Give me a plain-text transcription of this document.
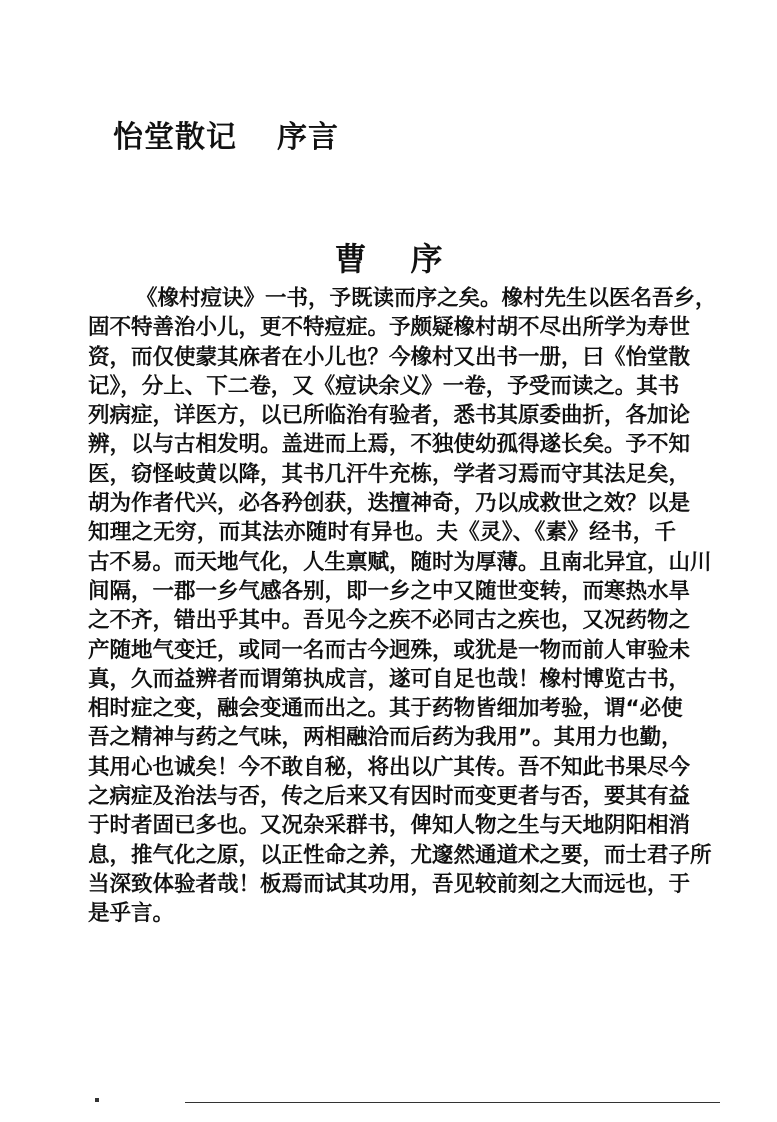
怡堂散记 序言
曹序
《橡村痘诀》一书，予既读而序之矣。橡村先生以医名吾乡，
固不特善治小儿，更不特痘症。予颇疑橡村胡不尽出所学为寿世
资，而仅使蒙其庥者在小儿也？今橡村又出书一册，曰《怡堂散
记》，分上、下二卷，又《痘诀余义》一卷，予受而读之。其书
列病症，详医方，以已所临治有验者，悉书其原委曲折，各加论
辨，以与古相发明。盖进而上焉，不独使幼孤得遂长矣。予不知
医，窃怪岐黄以降，其书几汗牛充栋，学者习焉而守其法足矣，
胡为作者代兴，必各矜创获，迭擅神奇，乃以成救世之效？以是
知理之无穷，而其法亦随时有异也。夫《灵》、《素》经书，千
古不易。而天地气化，人生禀赋，随时为厚薄。且南北异宜，山川
间隔，一郡一乡气感各别，即一乡之中又随世变转，而寒热水旱
之不齐，错出乎其中。吾见今之疾不必同古之疾也，又况药物之
产随地气变迁，或同一名而古今迥殊，或犹是一物而前人审验未
真，久而益辨者而谓第执成言，遂可自足也哉！橡村博览古书，
相时症之变，融会变通而出之。其于药物皆细加考验，谓“必使
吾之精神与药之气味，两相融洽而后药为我用”。其用力也勤，
其用心也诚矣！今不敢自秘，将出以广其传。吾不知此书果尽今
之病症及治法与否，传之后来又有因时而变更者与否，要其有益
于时者固已多也。又况杂采群书，俾知人物之生与天地阴阳相消
息，推气化之原，以正性命之养，尤邃然通道术之要，而士君子所
当深致体验者哉！板焉而试其功用，吾见较前刻之大而远也，于
是乎言。
